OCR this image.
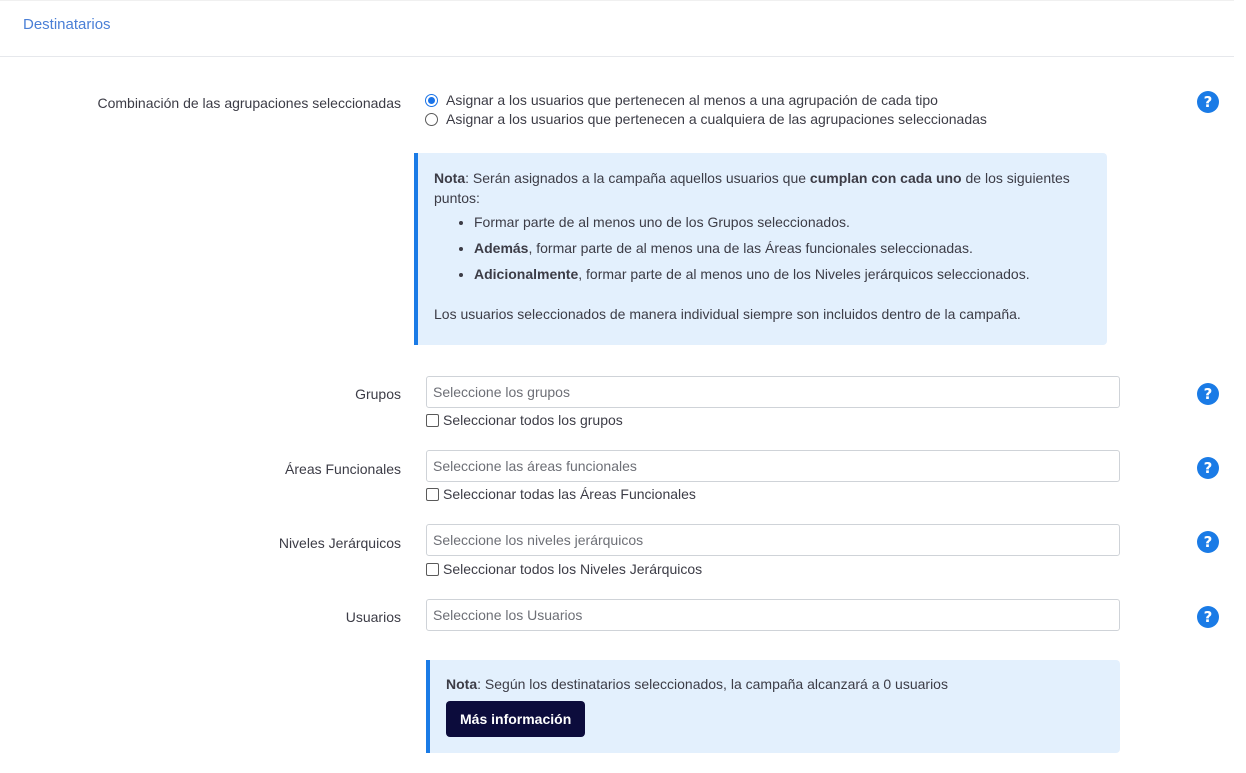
Destinatarios
Combinación de las agrupaciones seleccionadas	Asignar a los usuarios que pertenecen al menos a una agrupación de cada tipo
Asignar a los usuarios que pertenecen a cualquiera de las agrupaciones seleccionadas
?
Nota: Serán asignados a la campaña aquellos usuarios que cumplan con cada uno de los siguientes puntos:
• Formar parte de al menos uno de los Grupos seleccionados.
• Además, formar parte de al menos una de las Áreas funcionales seleccionadas.
• Adicionalmente, formar parte de al menos uno de los Niveles jerárquicos seleccionados.
Los usuarios seleccionados de manera individual siempre son incluidos dentro de la campaña.
Grupos	Seleccione los grupos
Seleccionar todos los grupos
?
Áreas Funcionales	Seleccione las áreas funcionales
Seleccionar todas las Áreas Funcionales
?
Niveles Jerárquicos	Seleccione los niveles jerárquicos
Seleccionar todos los Niveles Jerárquicos
?
Usuarios	Seleccione los Usuarios	?
Nota: Según los destinatarios seleccionados, la campaña alcanzará a 0 usuarios
Más información
